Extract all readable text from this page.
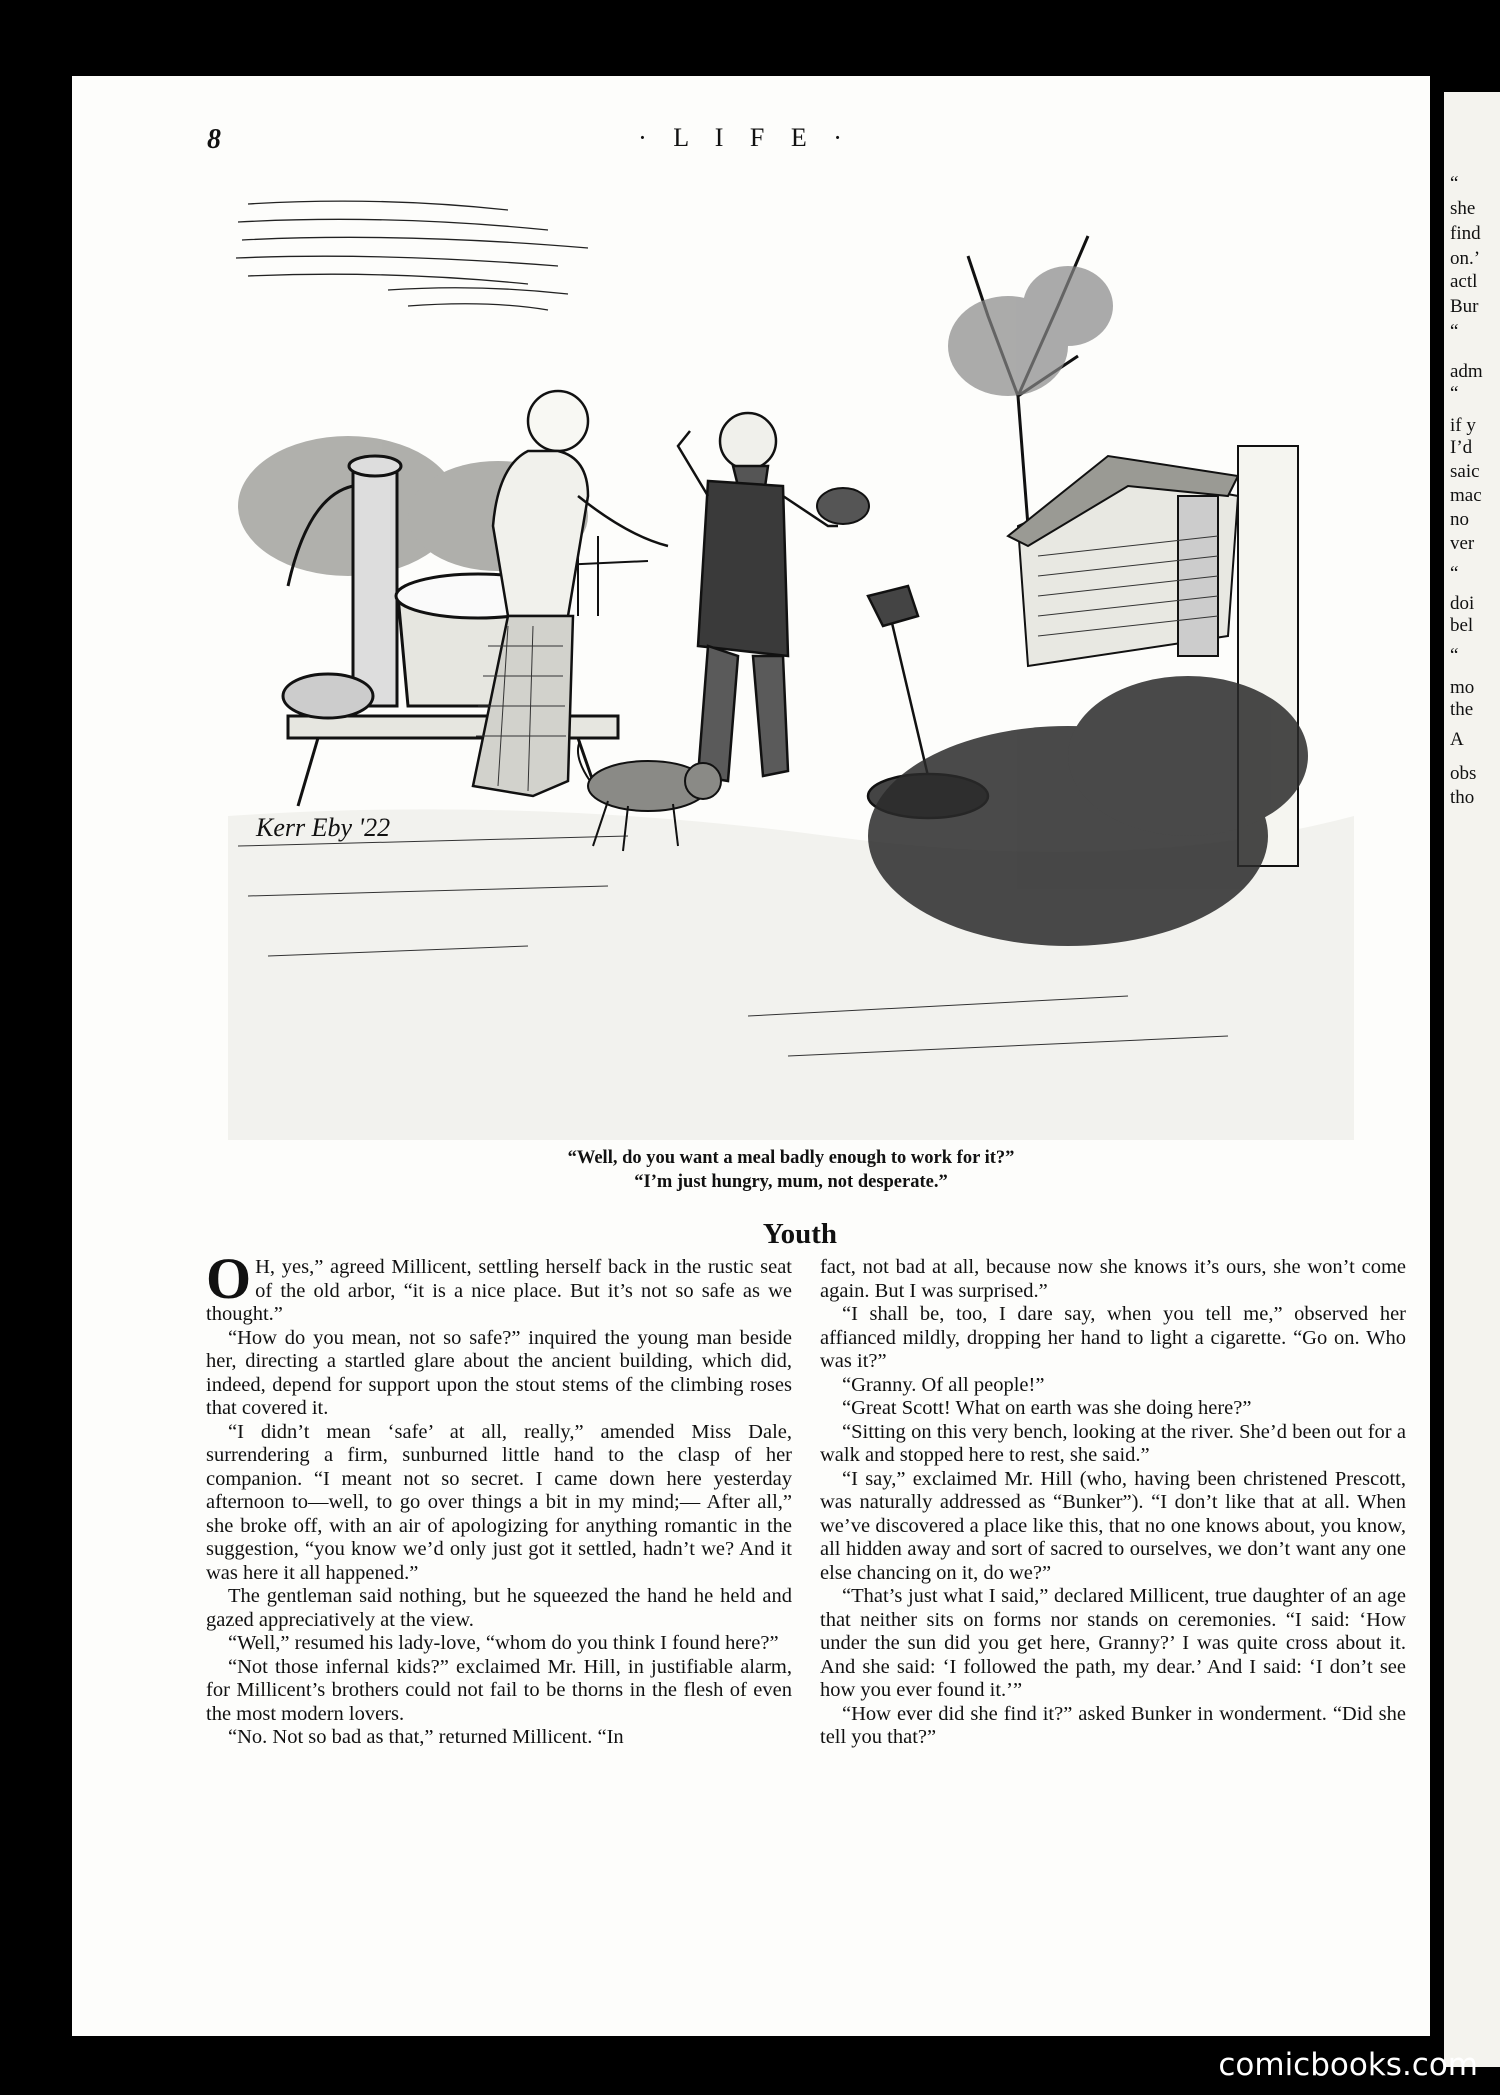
“
she
find
on.’
actl
Bur
“
adm
“
if y
I’d
saic
mac
no
ver
“
doi
bel
“
mo
the
A
obs
tho
8	· L I F E ·
Kerr Eby '22
“Well, do you want a meal badly enough to work for it?”
“I’m just hungry, mum, not desperate.”
Youth

O H, yes,” agreed Millicent, settling herself back in the rustic seat of the old arbor, “it is a nice place. But it’s not so safe as we thought.”

“How do you mean, not so safe?” inquired the young man beside her, directing a startled glare about the ancient building, which did, indeed, depend for support upon the stout stems of the climbing roses that covered it.

“I didn’t mean ‘safe’ at all, really,” amended Miss Dale, surrendering a firm, sunburned little hand to the clasp of her companion. “I meant not so secret. I came down here yesterday afternoon to—well, to go over things a bit in my mind;— After all,” she broke off, with an air of apologizing for anything romantic in the suggestion, “you know we’d only just got it settled, hadn’t we? And it was here it all happened.”

The gentleman said nothing, but he squeezed the hand he held and gazed appreciatively at the view.

“Well,” resumed his lady-love, “whom do you think I found here?”

“Not those infernal kids?” exclaimed Mr. Hill, in justifiable alarm, for Millicent’s brothers could not fail to be thorns in the flesh of even the most modern lovers.

“No. Not so bad as that,” returned Millicent. “In

fact, not bad at all, because now she knows it’s ours, she won’t come again. But I was surprised.”

“I shall be, too, I dare say, when you tell me,” observed her affianced mildly, dropping her hand to light a cigarette. “Go on. Who was it?”

“Granny. Of all people!”

“Great Scott! What on earth was she doing here?”

“Sitting on this very bench, looking at the river. She’d been out for a walk and stopped here to rest, she said.”

“I say,” exclaimed Mr. Hill (who, having been christened Prescott, was naturally addressed as “Bunker”). “I don’t like that at all. When we’ve discovered a place like this, that no one knows about, you know, all hidden away and sort of sacred to ourselves, we don’t want any one else chancing on it, do we?”

“That’s just what I said,” declared Millicent, true daughter of an age that neither sits on forms nor stands on ceremonies. “I said: ‘How under the sun did you get here, Granny?’ I was quite cross about it. And she said: ‘I followed the path, my dear.’ And I said: ‘I don’t see how you ever found it.’”

“How ever did she find it?” asked Bunker in wonderment. “Did she tell you that?”

comicbooks.com
